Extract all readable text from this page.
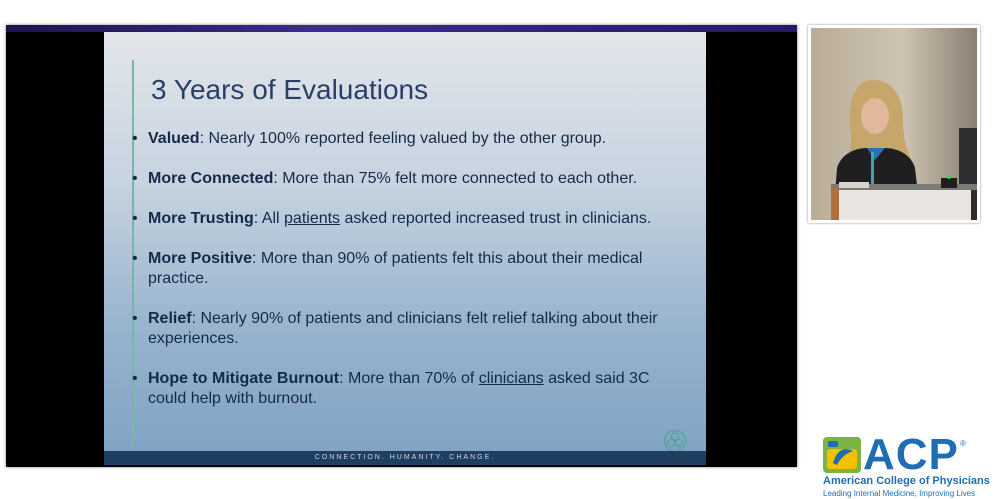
3 Years of Evaluations
• Valued: Nearly 100% reported feeling valued by the other group.
• More Connected: More than 75% felt more connected to each other.
• More Trusting: All patients asked reported increased trust in clinicians.
• More Positive: More than 90% of patients felt this about their medical practice.
• Relief: Nearly 90% of patients and clinicians felt relief talking about their experiences.
• Hope to Mitigate Burnout: More than 70% of clinicians asked said 3C could help with burnout.
CONNECTION. HUMANITY. CHANGE.	ACP ®
American College of Physicians
Leading Internal Medicine, Improving Lives
